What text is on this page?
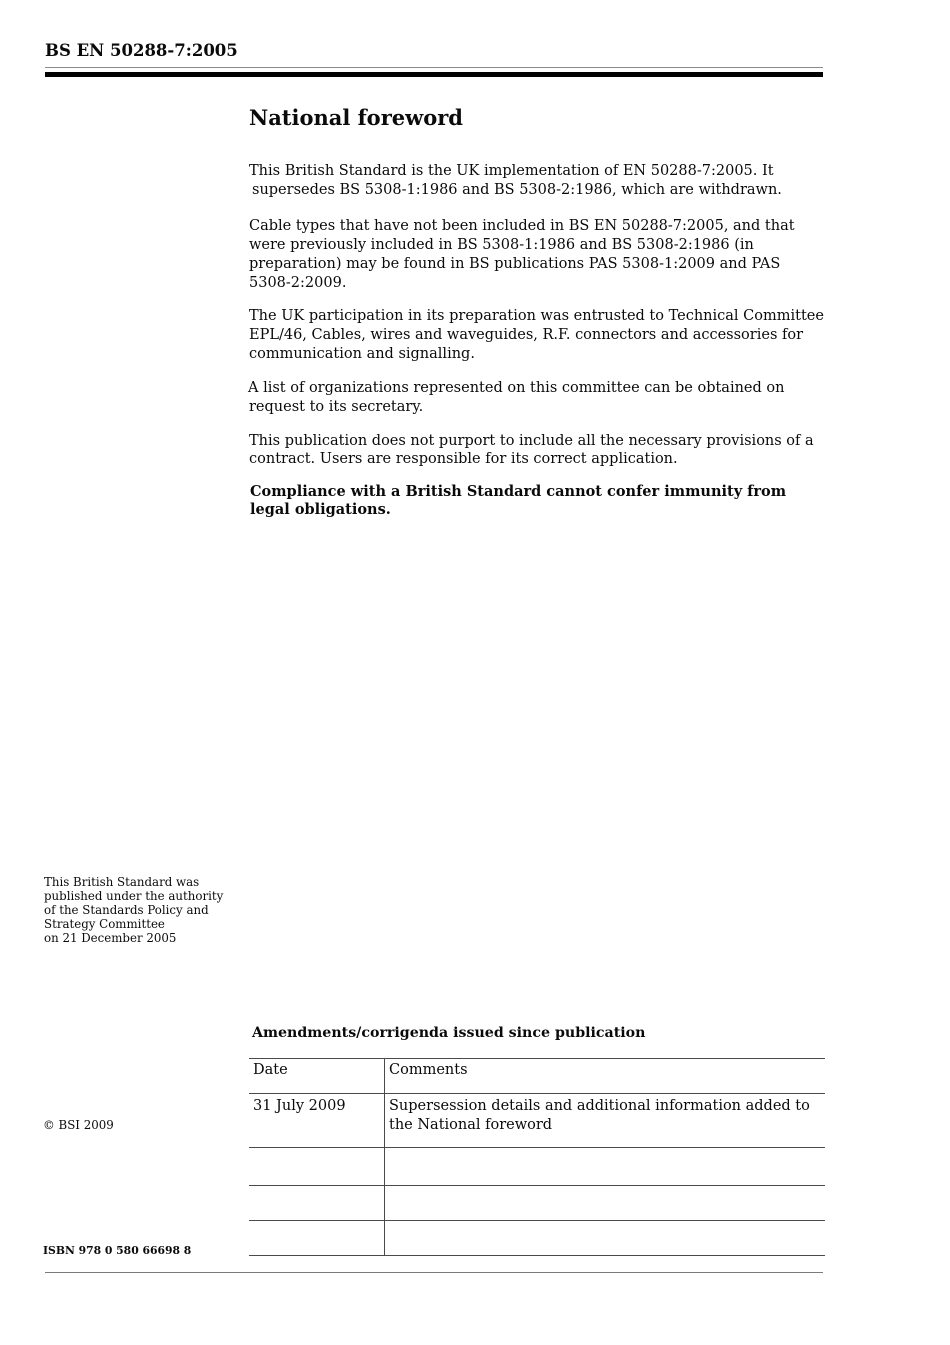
BS EN 50288-7:2005
National foreword
This British Standard is the UK implementation of EN 50288-7:2005. It
supersedes BS 5308-1:1986 and BS 5308-2:1986, which are withdrawn.
Cable types that have not been included in BS EN 50288-7:2005, and that
were previously included in BS 5308-1:1986 and BS 5308-2:1986 (in
preparation) may be found in BS publications PAS 5308-1:2009 and PAS
5308-2:2009.
The UK participation in its preparation was entrusted to Technical Committee
EPL/46, Cables, wires and waveguides, R.F. connectors and accessories for
communication and signalling.
A list of organizations represented on this committee can be obtained on
request to its secretary.
This publication does not purport to include all the necessary provisions of a
contract. Users are responsible for its correct application.
Compliance with a British Standard cannot confer immunity from
legal obligations.
This British Standard was
published under the authority
of the Standards Policy and
Strategy Committee
on 21 December 2005
© BSI 2009
ISBN 978 0 580 66698 8
Amendments/corrigenda issued since publication
Date	Comments
31 July 2009	Supersession details and additional information added to
the National foreword
